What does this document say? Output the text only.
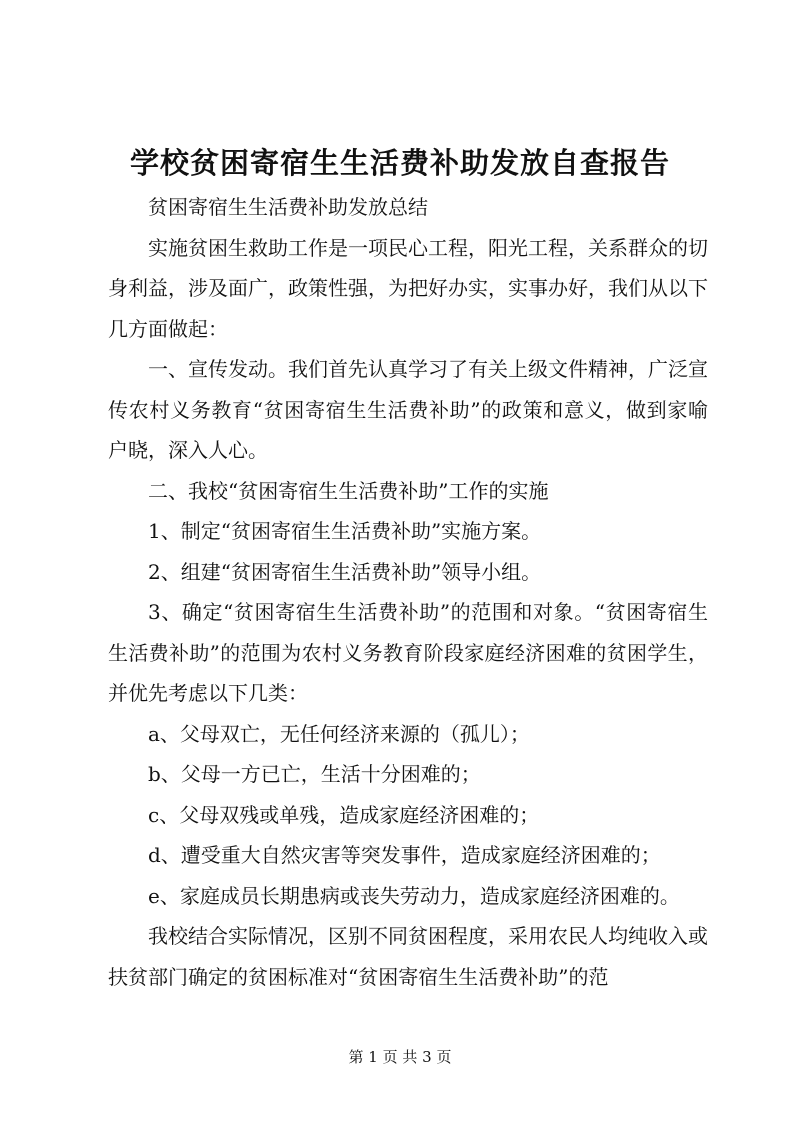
学校贫困寄宿生生活费补助发放自查报告

贫困寄宿生生活费补助发放总结

实施贫困生救助工作是一项民心工程，阳光工程，关系群众的切身利益，涉及面广，政策性强，为把好办实，实事办好，我们从以下几方面做起：

一、宣传发动。我们首先认真学习了有关上级文件精神，广泛宣传农村义务教育“贫困寄宿生生活费补助”的政策和意义，做到家喻户晓，深入人心。

二、我校“贫困寄宿生生活费补助”工作的实施

1、制定“贫困寄宿生生活费补助”实施方案。

2、组建“贫困寄宿生生活费补助”领导小组。

3、确定“贫困寄宿生生活费补助”的范围和对象。“贫困寄宿生生活费补助”的范围为农村义务教育阶段家庭经济困难的贫困学生，并优先考虑以下几类：

a、父母双亡，无任何经济来源的（孤儿）；

b、父母一方已亡，生活十分困难的；

c、父母双残或单残，造成家庭经济困难的；

d、遭受重大自然灾害等突发事件，造成家庭经济困难的；

e、家庭成员长期患病或丧失劳动力，造成家庭经济困难的。

我校结合实际情况，区别不同贫困程度，采用农民人均纯收入或扶贫部门确定的贫困标准对“贫困寄宿生生活费补助”的范

第 1 页 共 3 页
